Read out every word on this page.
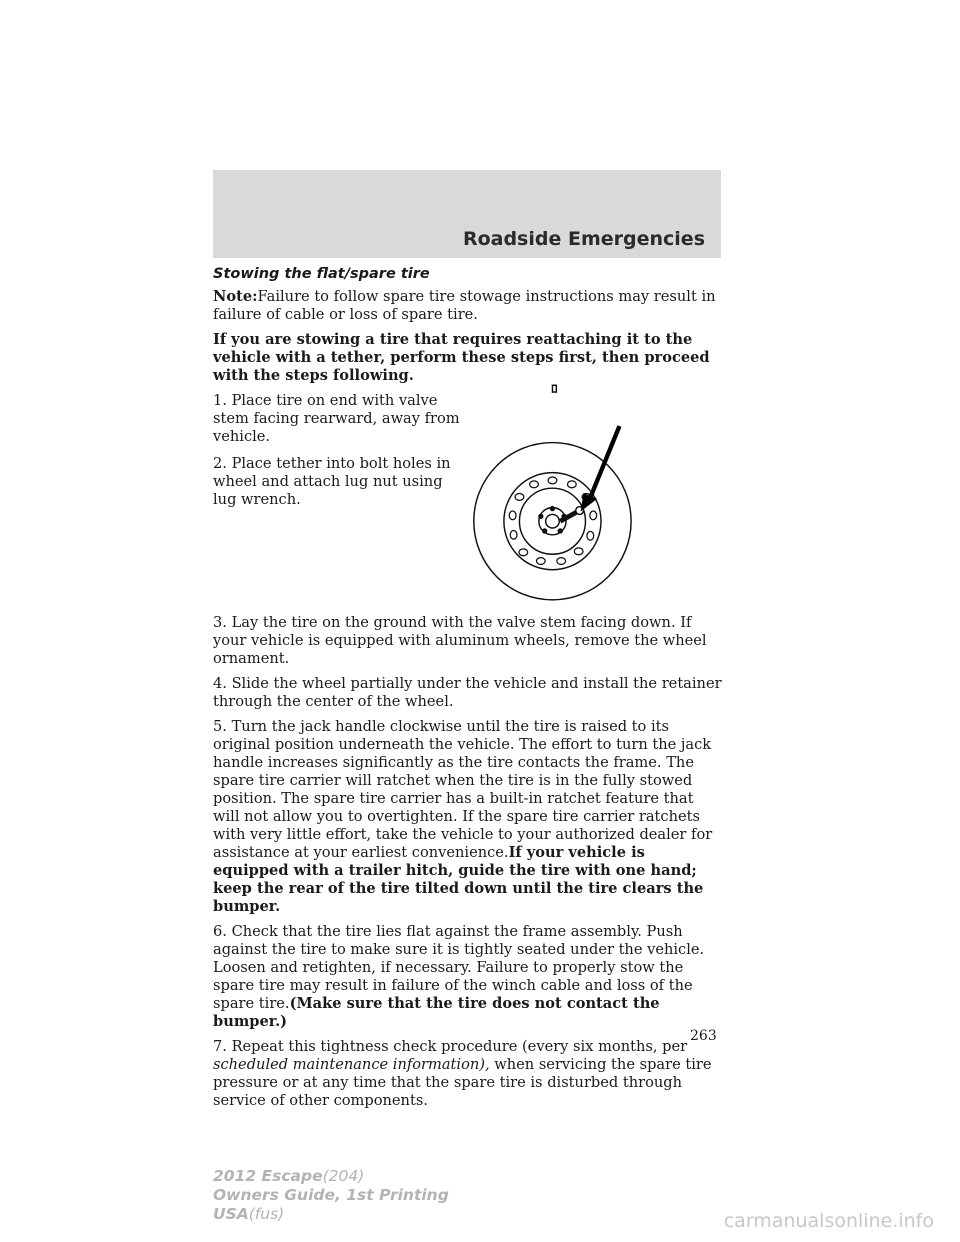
Roadside Emergencies

Stowing the flat/spare tire

Note:Failure to follow spare tire stowage instructions may result in failure of cable or loss of spare tire.

If you are stowing a tire that requires reattaching it to the vehicle with a tether, perform these steps first, then proceed with the steps following.

1. Place tire on end with valve stem facing rearward, away from vehicle.

2. Place tether into bolt holes in wheel and attach lug nut using lug wrench.

3. Lay the tire on the ground with the valve stem facing down. If your vehicle is equipped with aluminum wheels, remove the wheel ornament.

4. Slide the wheel partially under the vehicle and install the retainer through the center of the wheel.

5. Turn the jack handle clockwise until the tire is raised to its original position underneath the vehicle. The effort to turn the jack handle increases significantly as the tire contacts the frame. The spare tire carrier will ratchet when the tire is in the fully stowed position. The spare tire carrier has a built-in ratchet feature that will not allow you to overtighten. If the spare tire carrier ratchets with very little effort, take the vehicle to your authorized dealer for assistance at your earliest convenience.If your vehicle is equipped with a trailer hitch, guide the tire with one hand; keep the rear of the tire tilted down until the tire clears the bumper.

6. Check that the tire lies flat against the frame assembly. Push against the tire to make sure it is tightly seated under the vehicle. Loosen and retighten, if necessary. Failure to properly stow the spare tire may result in failure of the winch cable and loss of the spare tire.(Make sure that the tire does not contact the bumper.)

7. Repeat this tightness check procedure (every six months, per
scheduled maintenance information), when servicing the spare tire pressure or at any time that the spare tire is disturbed through service of other components.

263
2012 Escape(204)
Owners Guide, 1st Printing
USA(fus)	carmanualsonline.info
